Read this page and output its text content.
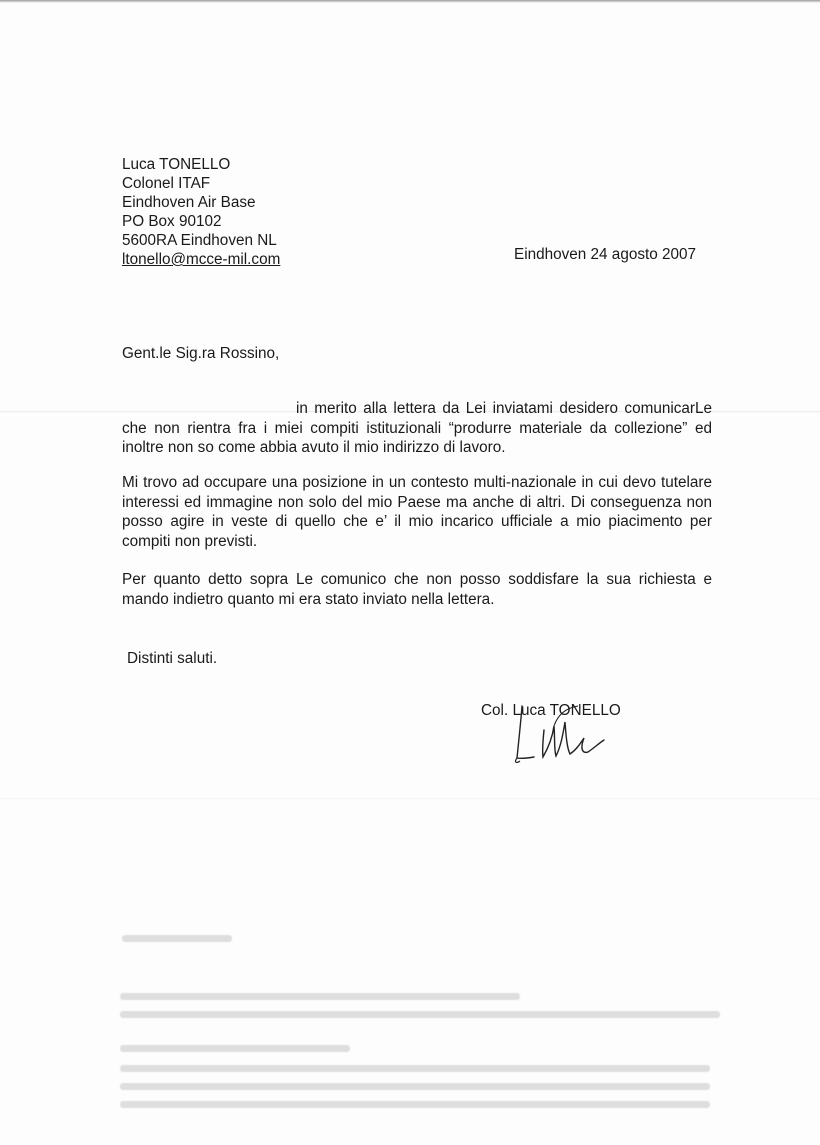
Luca TONELLO
Colonel ITAF
Eindhoven Air Base
PO Box 90102
5600RA Eindhoven NL
ltonello@mcce-mil.com	Eindhoven 24 agosto 2007
Gent.le Sig.ra Rossino,
in merito alla lettera da Lei inviatami desidero comunicarLe che non rientra fra i miei compiti istituzionali “produrre materiale da collezione” ed inoltre non so come abbia avuto il mio indirizzo di lavoro.
Mi trovo ad occupare una posizione in un contesto multi-nazionale in cui devo tutelare interessi ed immagine non solo del mio Paese ma anche di altri. Di conseguenza non posso agire in veste di quello che e’ il mio incarico ufficiale a mio piacimento per compiti non previsti.
Per quanto detto sopra Le comunico che non posso soddisfare la sua richiesta e mando indietro quanto mi era stato inviato nella lettera.
Distinti saluti.
Col. Luca TONELLO
